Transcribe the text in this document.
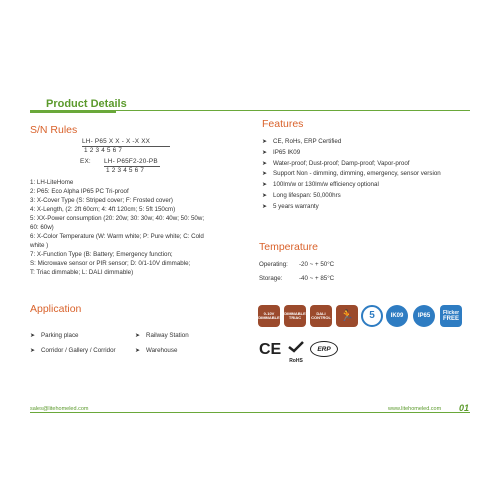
Product Details
S/N Rules
LH- P65 X X - X -X XX
1 2 3 4 5 6 7
EX: LH- P65F2-20-PB
1 2 3 4 5 6 7
1: LH-LiteHome
2: P65: Eco Alpha IP65 PC Tri-proof
3: X-Cover Type (S: Striped cover; F: Frosted cover)
4: X-Length, (2: 2ft 60cm; 4: 4ft 120cm; 5: 5ft 150cm)
5: XX-Power consumption (20: 20w; 30: 30w; 40: 40w; 50: 50w;
60: 60w)
6: X-Color Temperature (W: Warm white; P: Pure white; C: Cold
white )
7: X-Function Type (B: Battery; Emergency function;
S: Microwave sensor or PIR sensor; D: 0/1-10V dimmable;
T: Triac dimmable; L: DALI dimmable)
Application
➤ Parking place	➤ Railway Station
➤ Corridor / Gallery / Corridor	➤ Warehouse
Features
➤ CE, RoHs, ERP Certified
➤ IP65 IK09
➤ Water-proof; Dust-proof; Damp-proof; Vapor-proof
➤ Support Non - dimming, dimming, emergency, sensor version
➤ 100lm/w or 130lm/w efficiency optional
➤ Long lifespan: 50,000hrs
➤ 5 years warranty
Temperature
Operating: -20 ~ + 50°C
Storage:	-40 ~ + 85°C
0-10V DIMMABLE
DIMMABLE TRIAC
DALI CONTROL 🏃	5	IK09 IP65	Flicker
FREE
CE
RoHS
ERP
sales@litehomeled.com	www.litehomeled.com 01
